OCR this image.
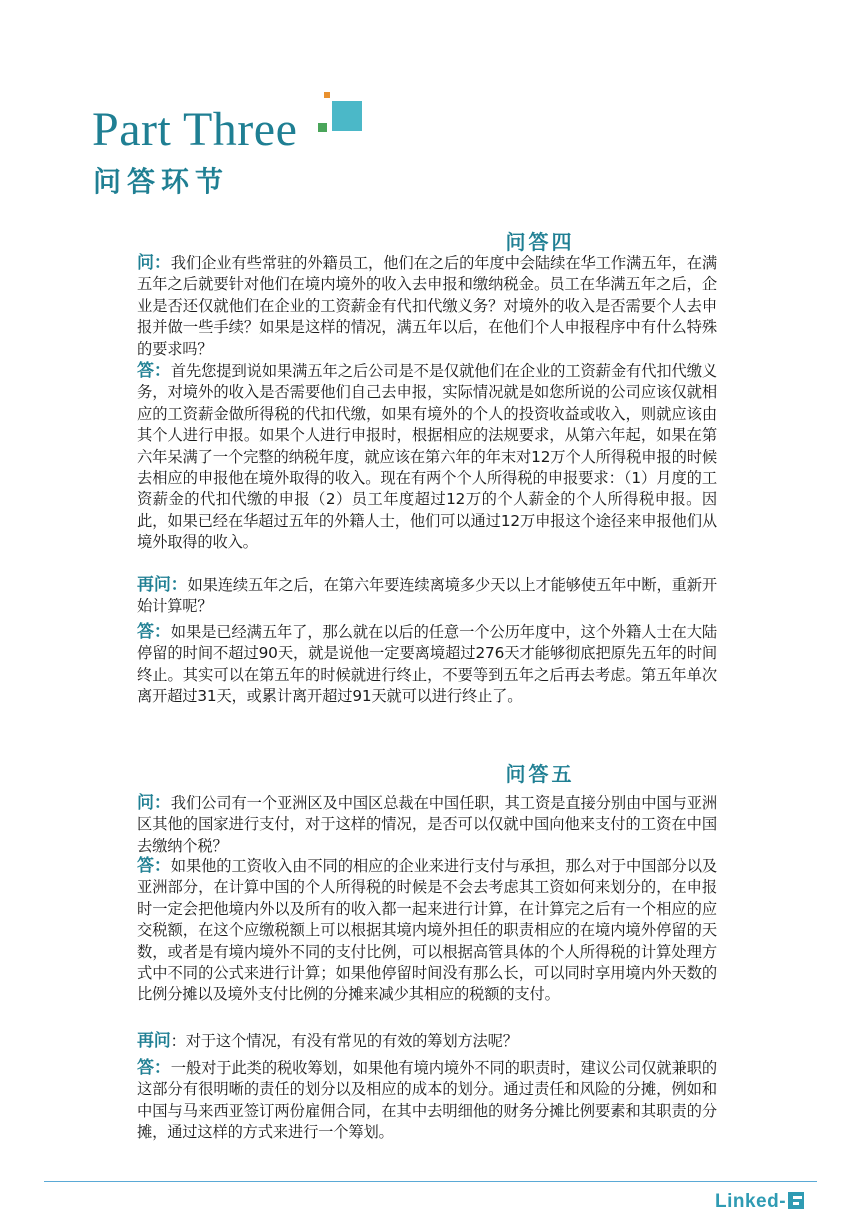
Part Three
问答环节
问答四

问：我们企业有些常驻的外籍员工，他们在之后的年度中会陆续在华工作满五年，在满五年之后就要针对他们在境内境外的收入去申报和缴纳税金。员工在华满五年之后，企业是否还仅就他们在企业的工资薪金有代扣代缴义务？对境外的收入是否需要个人去申报并做一些手续？如果是这样的情况，满五年以后，在他们个人申报程序中有什么特殊的要求吗？

答：首先您提到说如果满五年之后公司是不是仅就他们在企业的工资薪金有代扣代缴义务，对境外的收入是否需要他们自己去申报，实际情况就是如您所说的公司应该仅就相应的工资薪金做所得税的代扣代缴，如果有境外的个人的投资收益或收入，则就应该由其个人进行申报。如果个人进行申报时，根据相应的法规要求，从第六年起，如果在第六年呆满了一个完整的纳税年度，就应该在第六年的年末对12万个人所得税申报的时候去相应的申报他在境外取得的收入。现在有两个个人所得税的申报要求：（1）月度的工资薪金的代扣代缴的申报（2）员工年度超过12万的个人薪金的个人所得税申报。因此，如果已经在华超过五年的外籍人士，他们可以通过12万申报这个途径来申报他们从境外取得的收入。

再问：如果连续五年之后，在第六年要连续离境多少天以上才能够使五年中断，重新开始计算呢？

答：如果是已经满五年了，那么就在以后的任意一个公历年度中，这个外籍人士在大陆停留的时间不超过90天，就是说他一定要离境超过276天才能够彻底把原先五年的时间终止。其实可以在第五年的时候就进行终止，不要等到五年之后再去考虑。第五年单次离开超过31天，或累计离开超过91天就可以进行终止了。

问答五

问：我们公司有一个亚洲区及中国区总裁在中国任职，其工资是直接分别由中国与亚洲区其他的国家进行支付，对于这样的情况，是否可以仅就中国向他来支付的工资在中国去缴纳个税？

答：如果他的工资收入由不同的相应的企业来进行支付与承担，那么对于中国部分以及亚洲部分，在计算中国的个人所得税的时候是不会去考虑其工资如何来划分的，在申报时一定会把他境内外以及所有的收入都一起来进行计算，在计算完之后有一个相应的应交税额，在这个应缴税额上可以根据其境内境外担任的职责相应的在境内境外停留的天数，或者是有境内境外不同的支付比例，可以根据高管具体的个人所得税的计算处理方式中不同的公式来进行计算；如果他停留时间没有那么长，可以同时享用境内外天数的比例分摊以及境外支付比例的分摊来减少其相应的税额的支付。

再问：对于这个情况，有没有常见的有效的筹划方法呢？

答：一般对于此类的税收筹划，如果他有境内境外不同的职责时，建议公司仅就兼职的这部分有很明晰的责任的划分以及相应的成本的划分。通过责任和风险的分摊，例如和中国与马来西亚签订两份雇佣合同，在其中去明细他的财务分摊比例要素和其职责的分摊，通过这样的方式来进行一个筹划。

Linked-
